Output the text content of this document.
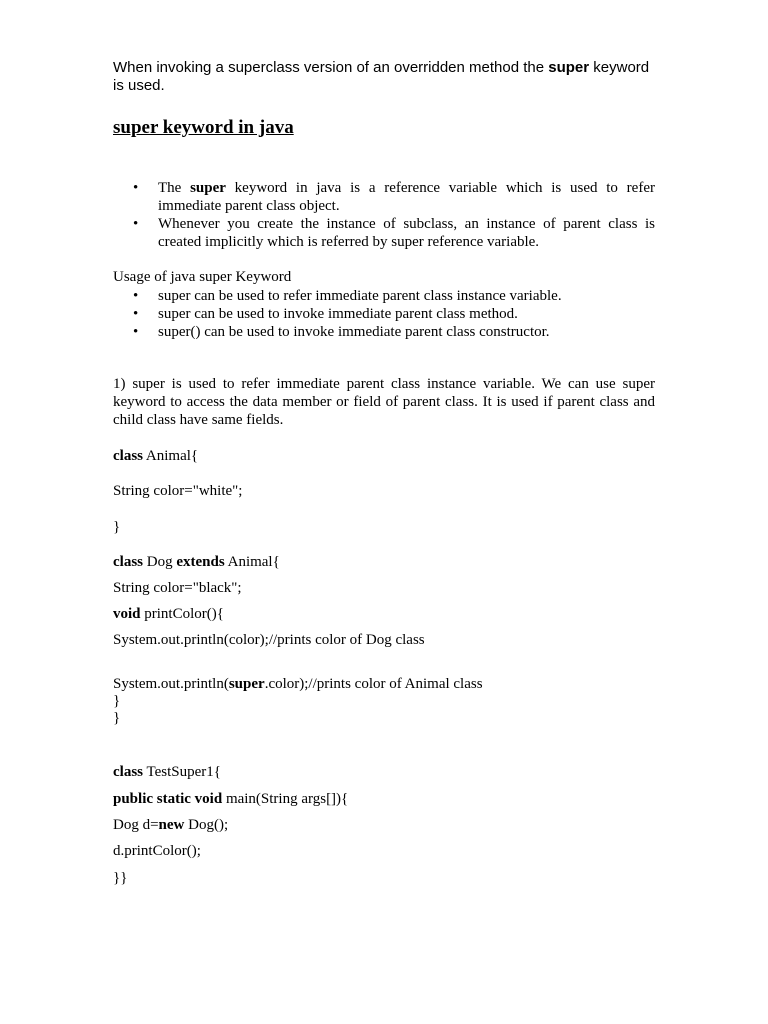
When invoking a superclass version of an overridden method the super keyword is used.
super keyword in java
• The super keyword in java is a reference variable which is used to refer immediate parent class object.
• Whenever you create the instance of subclass, an instance of parent class is created implicitly which is referred by super reference variable.
Usage of java super Keyword
• super can be used to refer immediate parent class instance variable.
• super can be used to invoke immediate parent class method.
• super() can be used to invoke immediate parent class constructor.
1) super is used to refer immediate parent class instance variable. We can use super keyword to access the data member or field of parent class. It is used if parent class and child class have same fields.
class Animal{
String color="white";
}
class Dog extends Animal{
String color="black";
void printColor(){
System.out.println(color);//prints color of Dog class
System.out.println(super.color);//prints color of Animal class
}
}
class TestSuper1{
public static void main(String args[]){
Dog d=new Dog();
d.printColor();
}}
